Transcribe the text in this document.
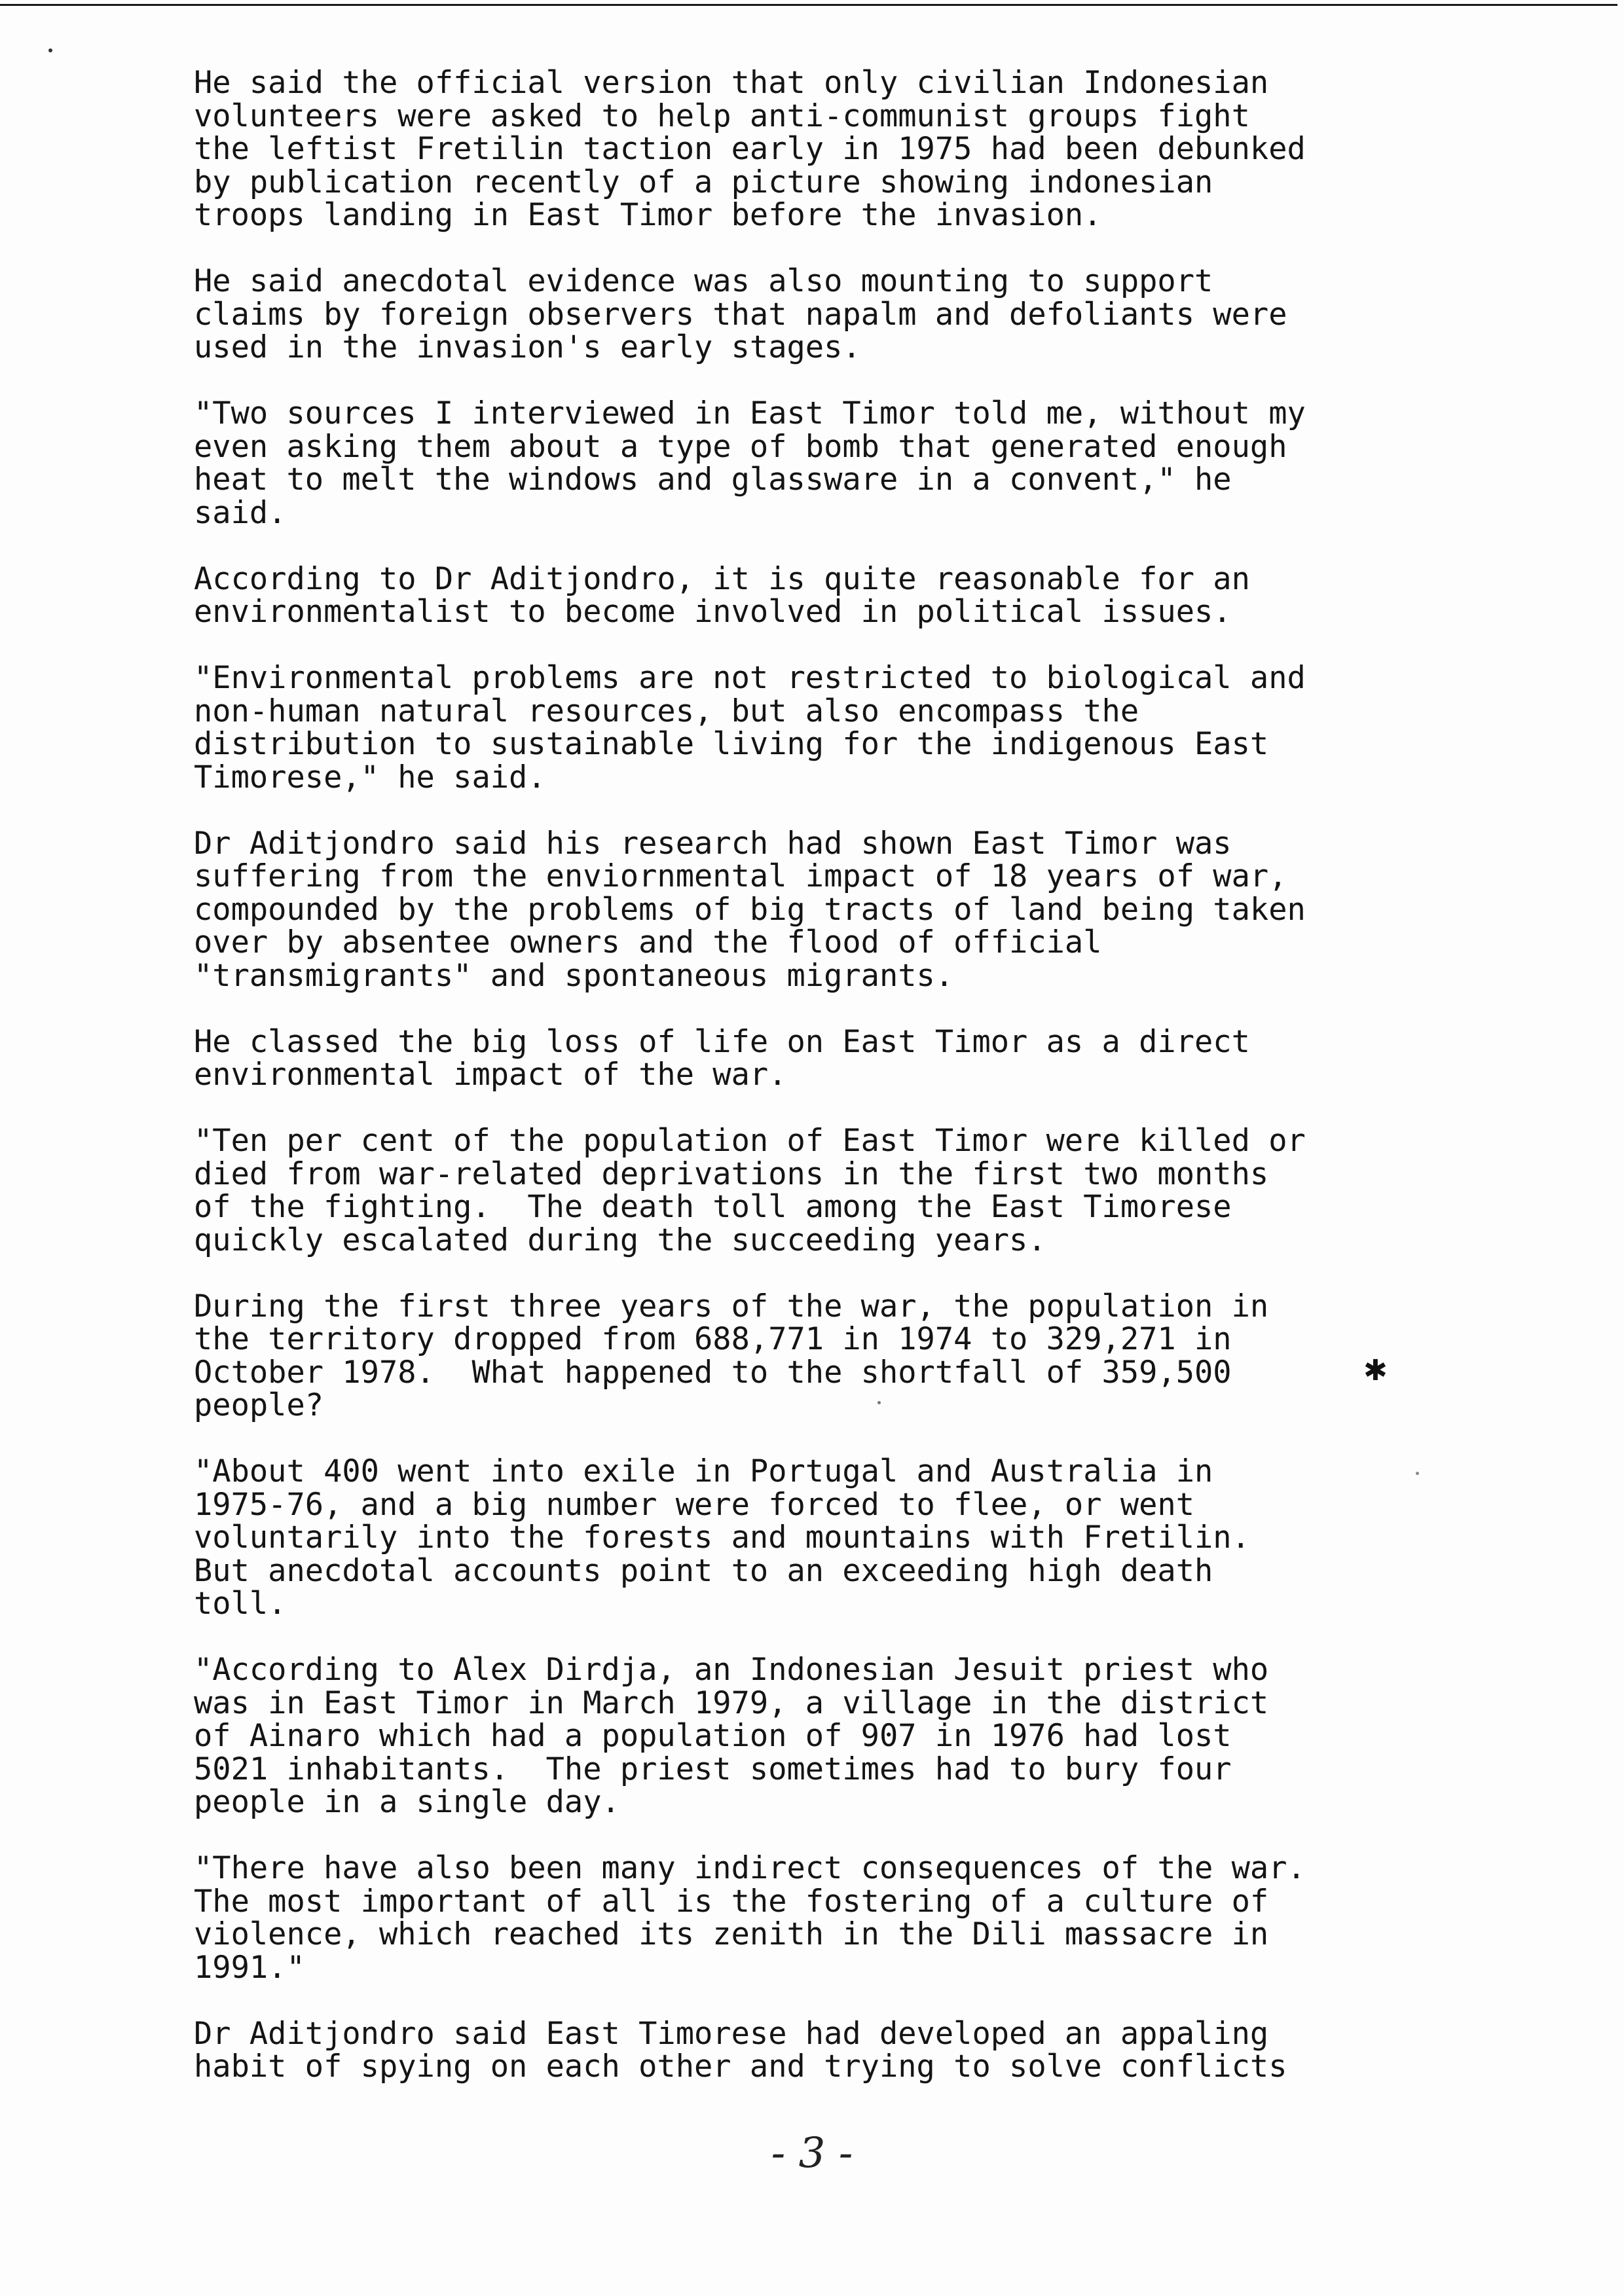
✱
He said the official version that only civilian Indonesian
volunteers were asked to help anti-communist groups fight
the leftist Fretilin taction early in 1975 had been debunked
by publication recently of a picture showing indonesian
troops landing in East Timor before the invasion.
He said anecdotal evidence was also mounting to support
claims by foreign observers that napalm and defoliants were
used in the invasion's early stages.
"Two sources I interviewed in East Timor told me, without my
even asking them about a type of bomb that generated enough
heat to melt the windows and glassware in a convent," he
said.
According to Dr Aditjondro, it is quite reasonable for an
environmentalist to become involved in political issues.
"Environmental problems are not restricted to biological and
non-human natural resources, but also encompass the
distribution to sustainable living for the indigenous East
Timorese," he said.
Dr Aditjondro said his research had shown East Timor was
suffering from the enviornmental impact of 18 years of war,
compounded by the problems of big tracts of land being taken
over by absentee owners and the flood of official
"transmigrants" and spontaneous migrants.
He classed the big loss of life on East Timor as a direct
environmental impact of the war.
"Ten per cent of the population of East Timor were killed or
died from war-related deprivations in the first two months
of the fighting.  The death toll among the East Timorese
quickly escalated during the succeeding years.
During the first three years of the war, the population in
the territory dropped from 688,771 in 1974 to 329,271 in
October 1978.  What happened to the shortfall of 359,500
people?
"About 400 went into exile in Portugal and Australia in
1975-76, and a big number were forced to flee, or went
voluntarily into the forests and mountains with Fretilin.
But anecdotal accounts point to an exceeding high death
toll.
"According to Alex Dirdja, an Indonesian Jesuit priest who
was in East Timor in March 1979, a village in the district
of Ainaro which had a population of 907 in 1976 had lost
5021 inhabitants.  The priest sometimes had to bury four
people in a single day.
"There have also been many indirect consequences of the war.
The most important of all is the fostering of a culture of
violence, which reached its zenith in the Dili massacre in
1991."
Dr Aditjondro said East Timorese had developed an appaling
habit of spying on each other and trying to solve conflicts
- 3 -
